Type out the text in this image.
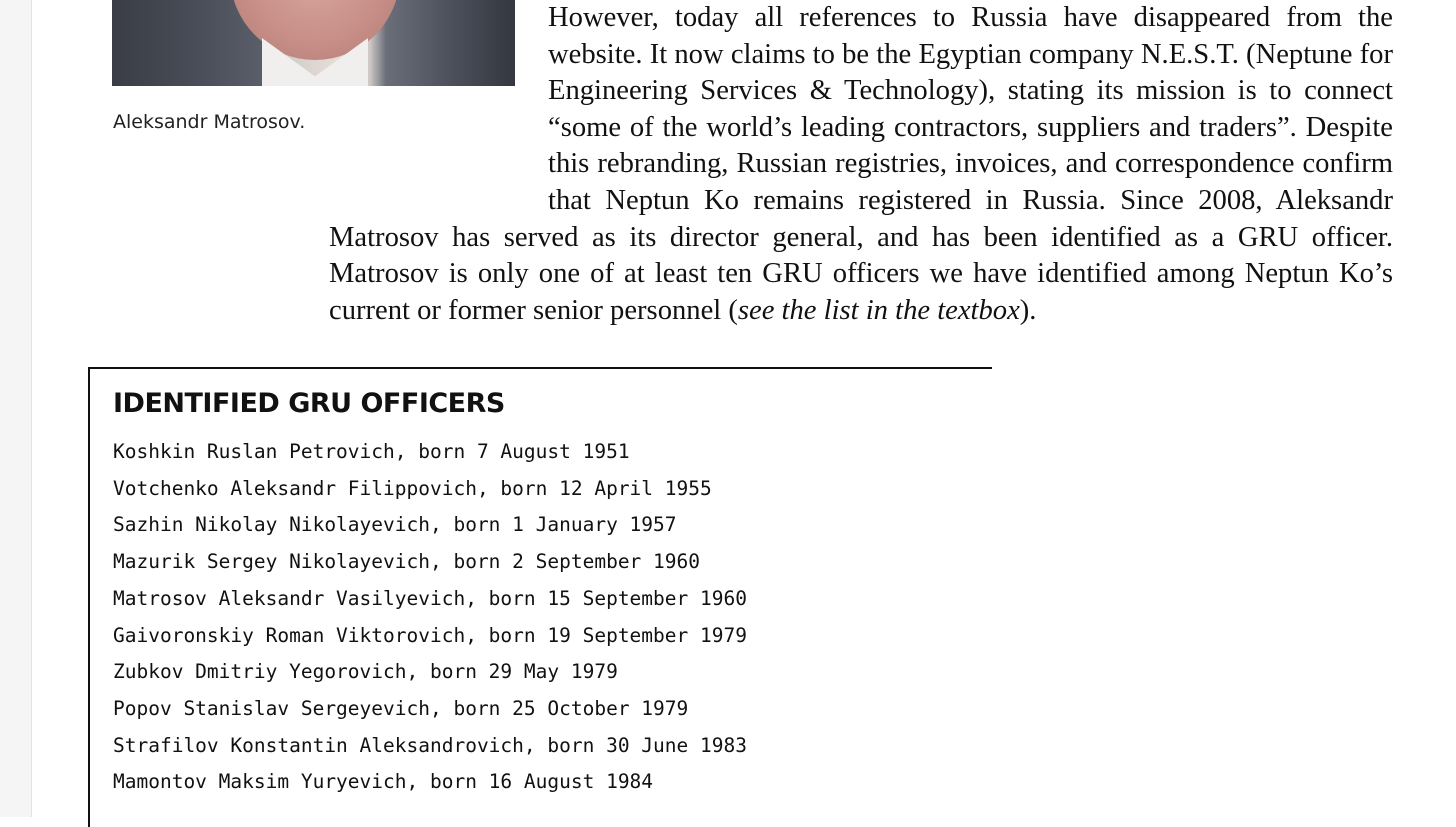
Aleksandr Matrosov.

However, today all references to Russia have disappeared from the website. It now claims to be the Egyptian company N.E.S.T. (Neptune for Engineering Services & Technology), stating its mission is to connect “some of the world’s leading contractors, suppliers and traders”. Despite this rebranding, Russian registries, invoices, and correspondence confirm that Neptun Ko remains registered in Russia. Since 2008, Aleksandr Matrosov has served as its director general, and has been identified as a GRU officer. Matrosov is only one of at least ten GRU officers we have identified among Neptun Ko’s current or former senior personnel (see the list in the textbox).

IDENTIFIED GRU OFFICERS
Koshkin Ruslan Petrovich, born 7 August 1951
Votchenko Aleksandr Filippovich, born 12 April 1955
Sazhin Nikolay Nikolayevich, born 1 January 1957
Mazurik Sergey Nikolayevich, born 2 September 1960
Matrosov Aleksandr Vasilyevich, born 15 September 1960
Gaivoronskiy Roman Viktorovich, born 19 September 1979
Zubkov Dmitriy Yegorovich, born 29 May 1979
Popov Stanislav Sergeyevich, born 25 October 1979
Strafilov Konstantin Aleksandrovich, born 30 June 1983
Mamontov Maksim Yuryevich, born 16 August 1984
